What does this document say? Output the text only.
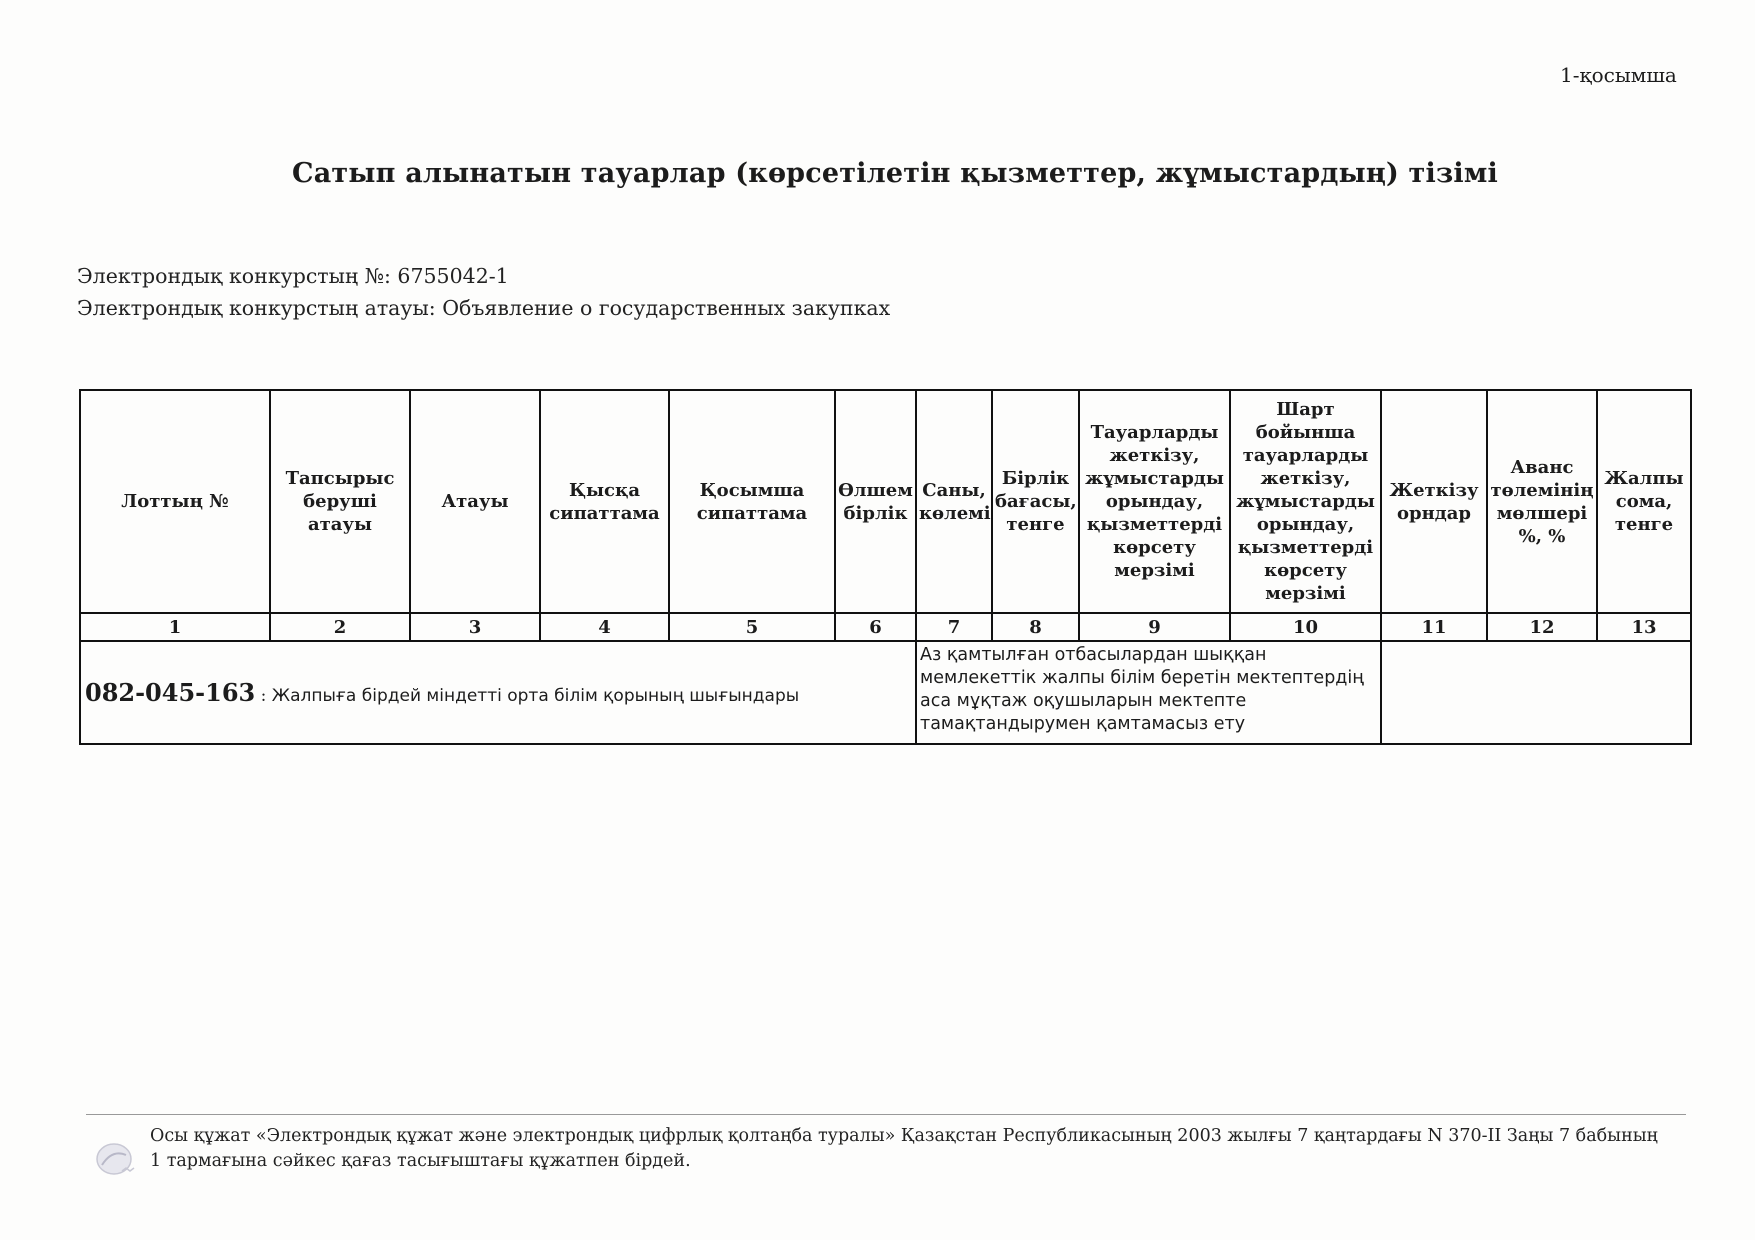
1-қосымша
Сатып алынатын тауарлар (көрсетілетін қызметтер, жұмыстардың) тізімі
Электрондық конкурстың №: 6755042-1
Электрондық конкурстың атауы: Объявление о государственных закупках
Лоттың №	Тапсырыс беруші атауы	Атауы	Қысқа сипаттама	Қосымша сипаттама	Өлшем бірлік	Саны, көлемі	Бірлік бағасы, тенге	Тауарларды жеткізу, жұмыстарды орындау, қызметтерді көрсету мерзімі	Шарт бойынша тауарларды жеткізу, жұмыстарды орындау, қызметтерді көрсету мерзімі	Жеткізу орндар	Аванс төлемінің мөлшері %, %	Жалпы сома, тенге
1	2	3	4	5	6	7	8	9	10	11	12	13
082-045-163 : Жалпыға бірдей міндетті орта білім қорының шығындары						Аз қамтылған отбасылардан шыққан мемлекеттік жалпы білім беретін мектептердің аса мұқтаж оқушыларын мектепте тамақтандырумен қамтамасыз ету						
Осы құжат «Электрондық құжат және электрондық цифрлық қолтаңба туралы» Қазақстан Республикасының 2003 жылғы 7 қаңтардағы N 370-II Заңы 7 бабының 1 тармағына сәйкес қағаз тасығыштағы құжатпен бірдей.
